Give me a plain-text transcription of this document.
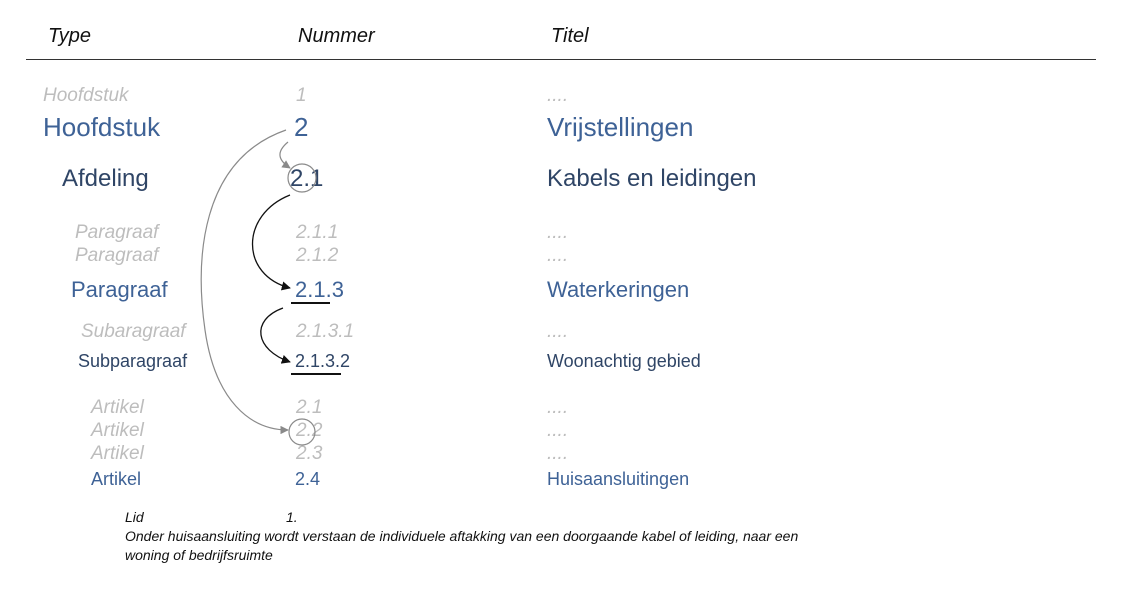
Type	Nummer	Titel
Hoofdstuk	1	....
Hoofdstuk	2	Vrijstellingen
Afdeling	2.1	Kabels en leidingen
Paragraaf	2.1.1	....
Paragraaf	2.1.2	....
Paragraaf	2.1.3	Waterkeringen
Subaragraaf	2.1.3.1	....
Subparagraaf	2.1.3.2	Woonachtig gebied
Artikel	2.1	....
Artikel	2.2	....
Artikel	2.3	....
Artikel	2.4	Huisaansluitingen
Lid	1.
Onder huisaansluiting wordt verstaan de individuele aftakking van een doorgaande kabel of leiding, naar een
woning of bedrijfsruimte
